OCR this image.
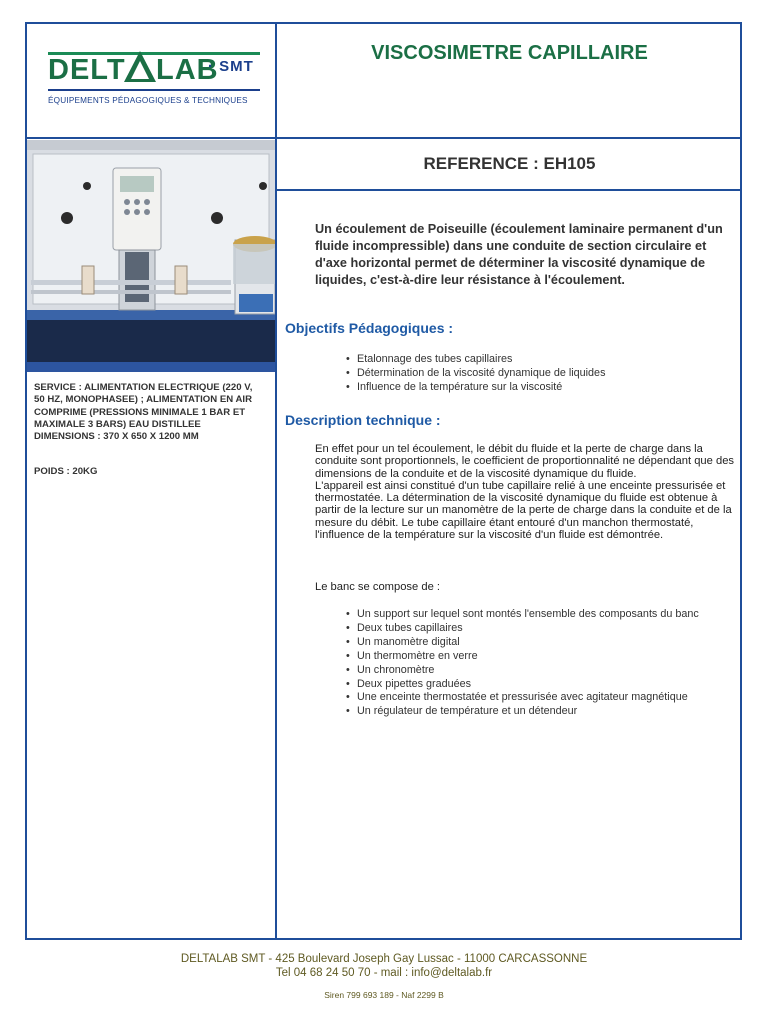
DELT LAB
· SMT
ÉQUIPEMENTS PÉDAGOGIQUES & TECHNIQUES
VISCOSIMETRE CAPILLAIRE
REFERENCE : EH105
SERVICE : ALIMENTATION ELECTRIQUE (220 V, 50 HZ, MONOPHASEE) ; ALIMENTATION EN AIR COMPRIME (PRESSIONS MINIMALE 1 BAR ET MAXIMALE 3 BARS) EAU DISTILLEE DIMENSIONS : 370 X 650 X 1200 MM
POIDS : 20KG
Un écoulement de Poiseuille (écoulement laminaire permanent d'un fluide incompressible) dans une conduite de section circulaire et d'axe horizontal permet de déterminer la viscosité dynamique de liquides, c'est-à-dire leur résistance à l'écoulement.
Objectifs Pédagogiques :
• Etalonnage des tubes capillaires
• Détermination de la viscosité dynamique de liquides
• Influence de la température sur la viscosité
Description technique :
En effet pour un tel écoulement, le débit du fluide et la perte de charge dans la conduite sont proportionnels, le coefficient de proportionnalité ne dépendant que des dimensions de la conduite et de la viscosité dynamique du fluide.
L'appareil est ainsi constitué d'un tube capillaire relié à une enceinte pressurisée et thermostatée. La détermination de la viscosité dynamique du fluide est obtenue à partir de la lecture sur un manomètre de la perte de charge dans la conduite et de la mesure du débit. Le tube capillaire étant entouré d'un manchon thermostaté, l'influence de la température sur la viscosité d'un fluide est démontrée.
Le banc se compose de :
• Un support sur lequel sont montés l'ensemble des composants du banc
• Deux tubes capillaires
• Un manomètre digital
• Un thermomètre en verre
• Un chronomètre
• Deux pipettes graduées
• Une enceinte thermostatée et pressurisée avec agitateur magnétique
• Un régulateur de température et un détendeur
DELTALAB SMT - 425 Boulevard Joseph Gay Lussac - 11000 CARCASSONNE
Tel 04 68 24 50 70 - mail : info@deltalab.fr
Siren 799 693 189 - Naf 2299 B
